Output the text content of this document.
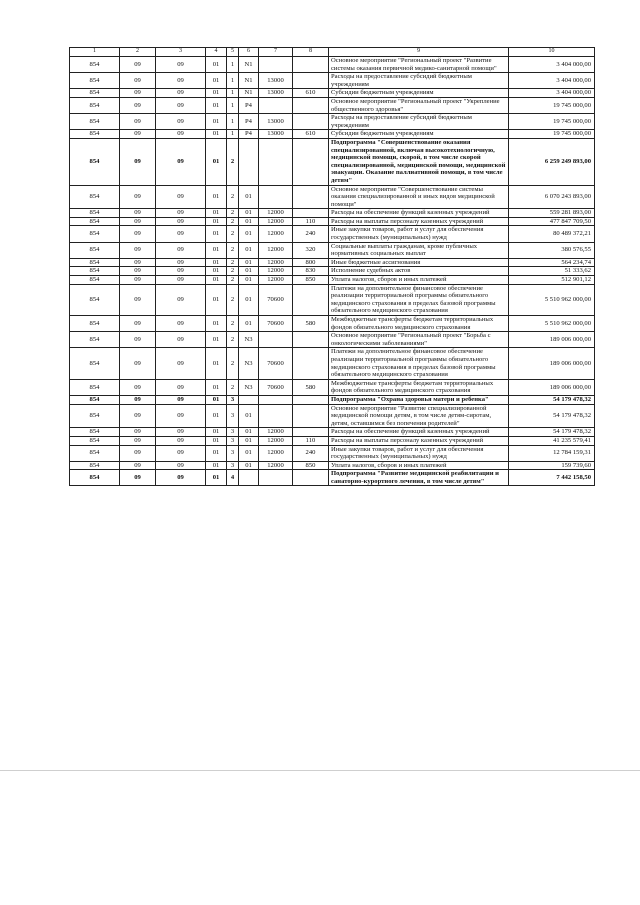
1	2	3	4	5	6	7	8	9	10
854	09	09	01	1	N1			Основное мероприятие "Региональный проект "Развитие системы оказания первичной медико-санитарной помощи"	3 404 000,00
854	09	09	01	1	N1	13000		Расходы на предоставление субсидий бюджетным учреждениям	3 404 000,00
854	09	09	01	1	N1	13000	610	Субсидии бюджетным учреждениям	3 404 000,00
854	09	09	01	1	P4			Основное мероприятие "Региональный проект "Укрепление общественного здоровья"	19 745 000,00
854	09	09	01	1	P4	13000		Расходы на предоставление субсидий бюджетным учреждениям	19 745 000,00
854	09	09	01	1	P4	13000	610	Субсидии бюджетным учреждениям	19 745 000,00
854	09	09	01	2				Подпрограмма "Совершенствование оказания специализированной, включая высокотехнологичную, медицинской помощи, скорой, в том числе скорой специализированной, медицинской помощи, медицинской эвакуации. Оказание паллиативной помощи, в том числе детям"	6 259 249 893,00
854	09	09	01	2	01			Основное мероприятие "Совершенствование системы оказания специализированной и иных видов медицинской помощи"	6 070 243 893,00
854	09	09	01	2	01	12000		Расходы на обеспечение функций казенных учреждений	559 281 893,00
854	09	09	01	2	01	12000	110	Расходы на выплаты персоналу казенных учреждений	477 847 709,50
854	09	09	01	2	01	12000	240	Иные закупки товаров, работ и услуг для обеспечения государственных (муниципальных) нужд	80 489 372,21
854	09	09	01	2	01	12000	320	Социальные выплаты гражданам, кроме публичных нормативных социальных выплат	380 576,55
854	09	09	01	2	01	12000	800	Иные бюджетные ассигнования	564 234,74
854	09	09	01	2	01	12000	830	Исполнение судебных актов	51 333,62
854	09	09	01	2	01	12000	850	Уплата налогов, сборов и иных платежей	512 901,12
854	09	09	01	2	01	70600		Платежи на дополнительное финансовое обеспечение реализации территориальной программы обязательного медицинского страхования в пределах базовой программы обязательного медицинского страхования	5 510 962 000,00
854	09	09	01	2	01	70600	580	Межбюджетные трансферты бюджетам территориальных фондов обязательного медицинского страхования	5 510 962 000,00
854	09	09	01	2	N3			Основное мероприятие "Региональный проект "Борьба с онкологическими заболеваниями"	189 006 000,00
854	09	09	01	2	N3	70600		Платежи на дополнительное финансовое обеспечение реализации территориальной программы обязательного медицинского страхования в пределах базовой программы обязательного медицинского страхования	189 006 000,00
854	09	09	01	2	N3	70600	580	Межбюджетные трансферты бюджетам территориальных фондов обязательного медицинского страхования	189 006 000,00
854	09	09	01	3				Подпрограмма "Охрана здоровья матери и ребенка"	54 179 478,32
854	09	09	01	3	01			Основное мероприятие "Развитие специализированной медицинской помощи детям, в том числе детям-сиротам, детям, оставшимся без попечения родителей"	54 179 478,32
854	09	09	01	3	01	12000		Расходы на обеспечение функций казенных учреждений	54 179 478,32
854	09	09	01	3	01	12000	110	Расходы на выплаты персоналу казенных учреждений	41 235 579,41
854	09	09	01	3	01	12000	240	Иные закупки товаров, работ и услуг для обеспечения государственных (муниципальных) нужд	12 784 159,31
854	09	09	01	3	01	12000	850	Уплата налогов, сборов и иных платежей	159 739,60
854	09	09	01	4				Подпрограмма "Развитие медицинской реабилитации и санаторно-курортного лечения, в том числе детям"	7 442 158,50
